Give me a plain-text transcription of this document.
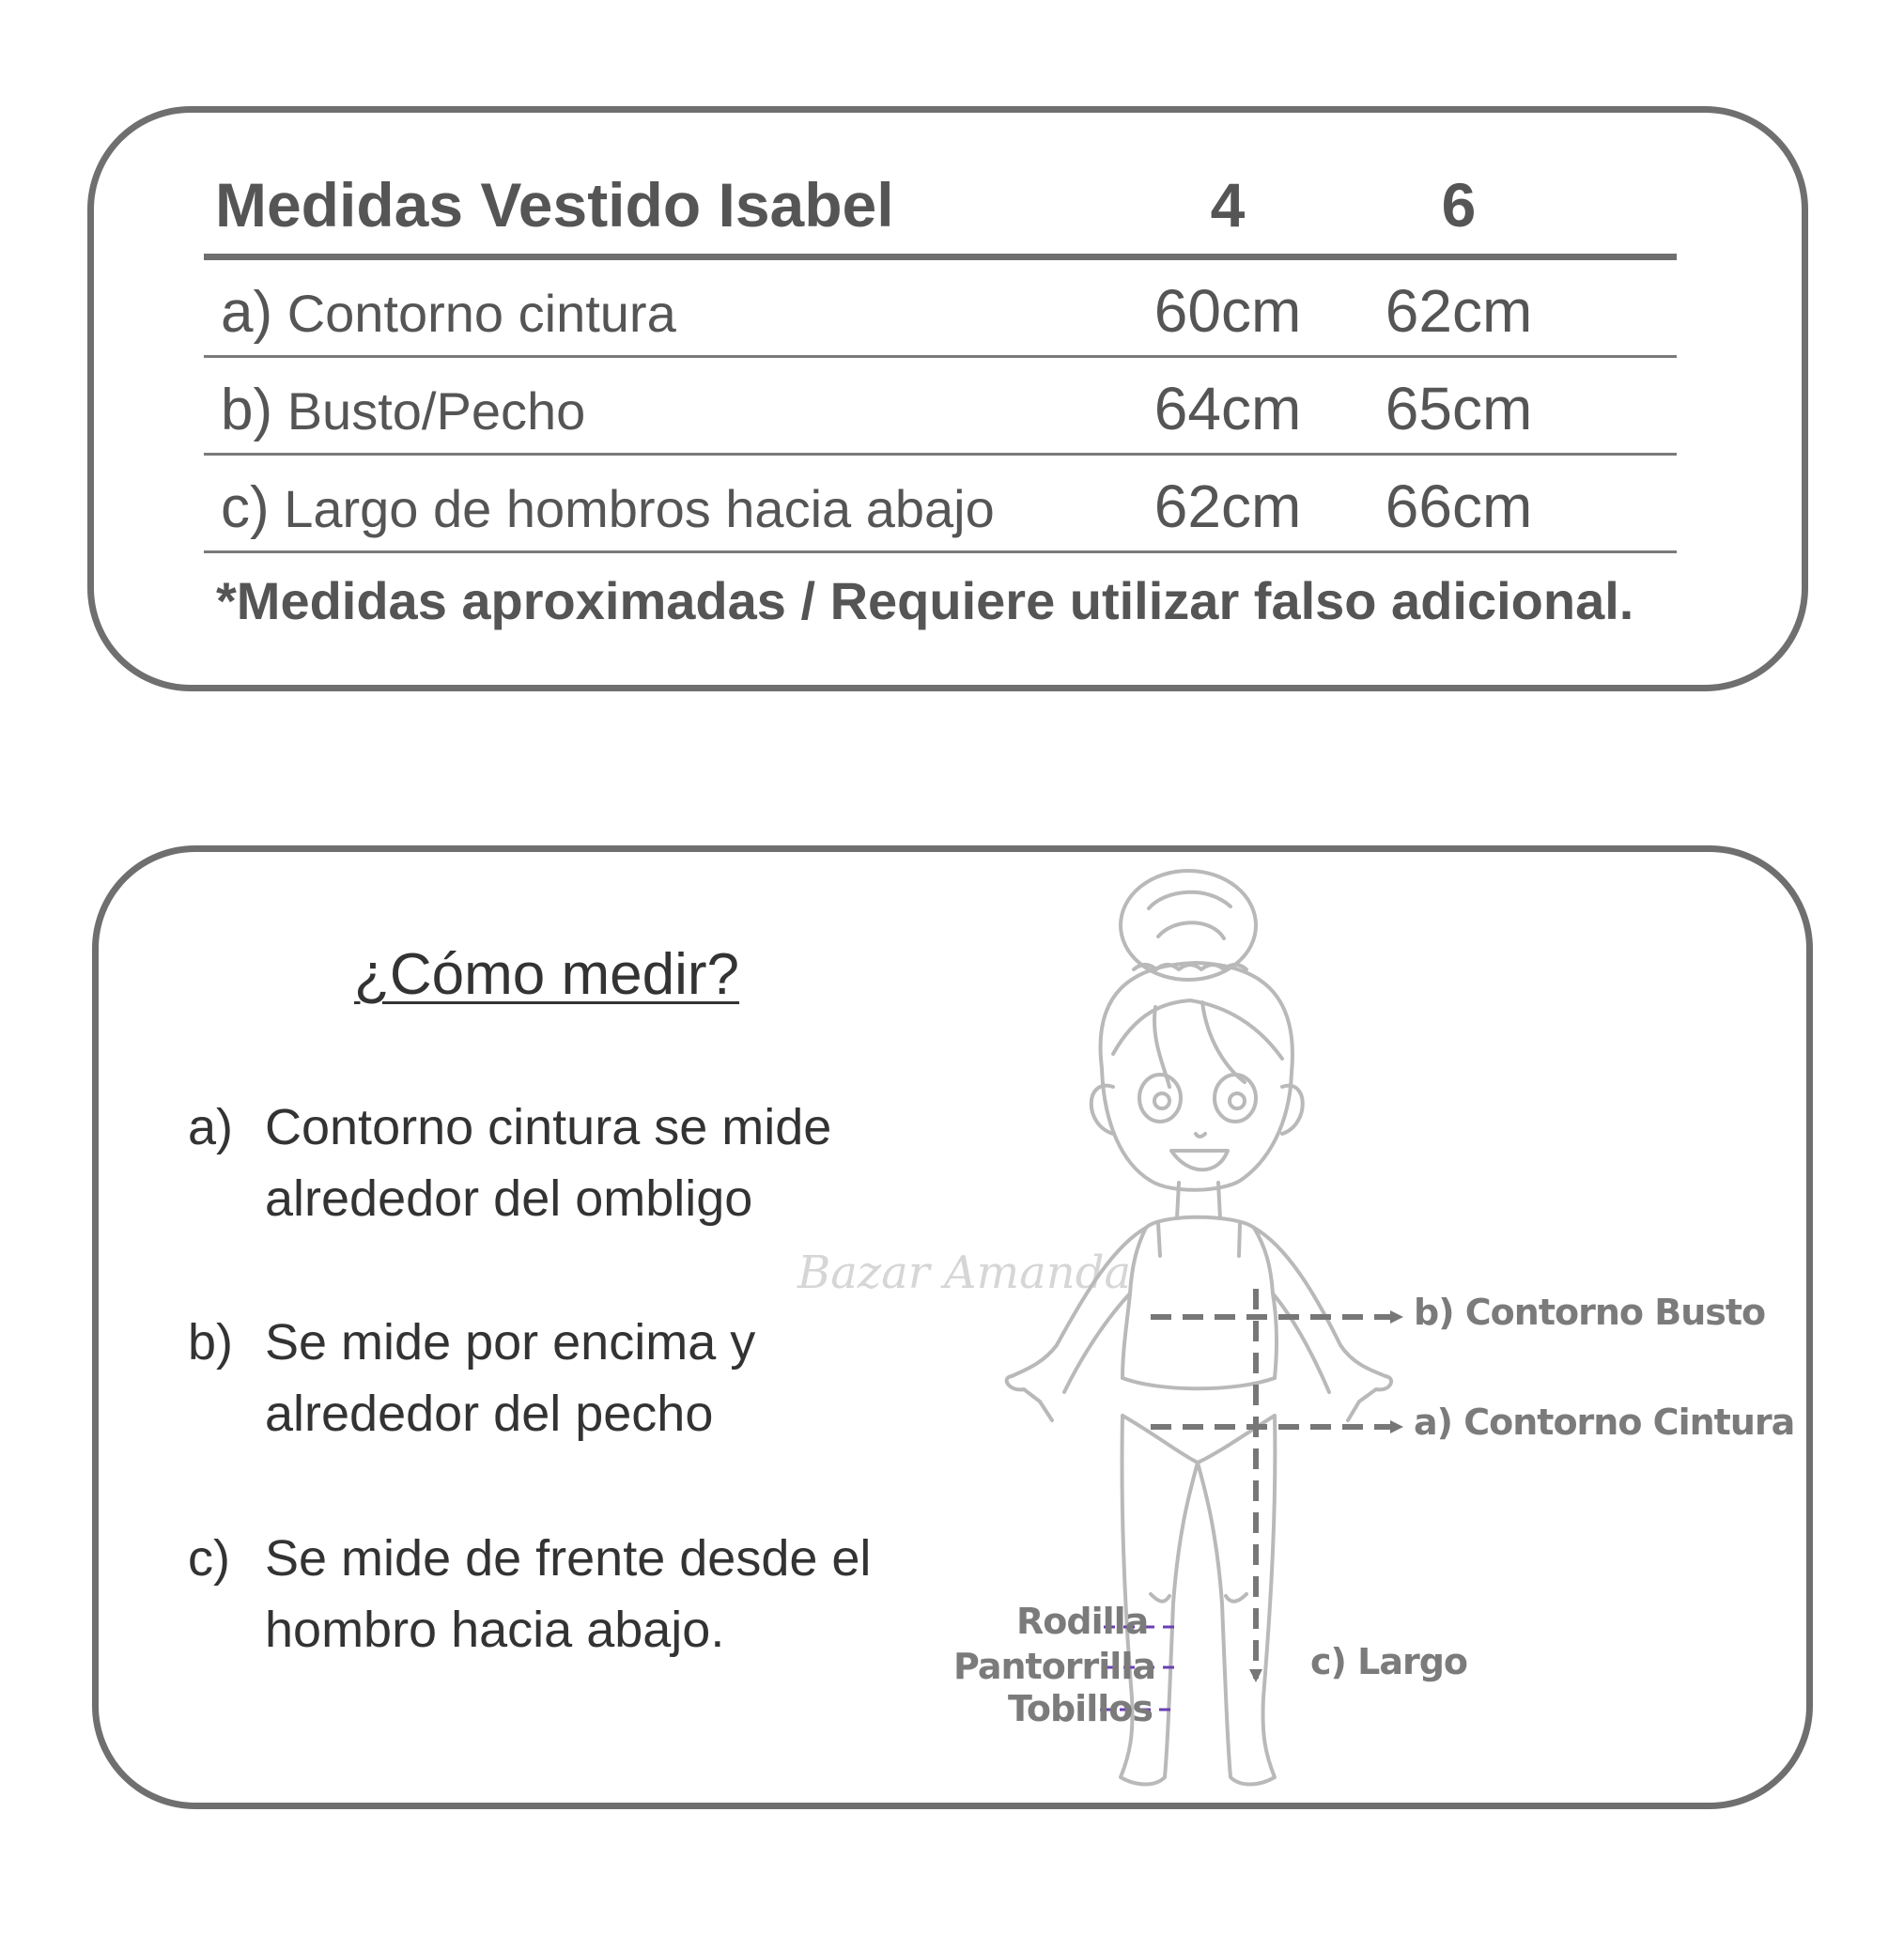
Medidas Vestido Isabel	4	6
a) Contorno cintura	60cm 62cm
b) Busto/Pecho	64cm 65cm
c) Largo de hombros hacia abajo	62cm 66cm
*Medidas aproximadas / Requiere utilizar falso adicional.
¿Cómo medir?
a) Contorno cintura se mide alrededor del ombligo
b) Se mide por encima y alrededor del pecho
c) Se mide de frente desde el hombro hacia abajo.
Bazar Amanda
b) Contorno Busto
a) Contorno Cintura
c) Largo
Rodilla
Pantorrilla
Tobillos
